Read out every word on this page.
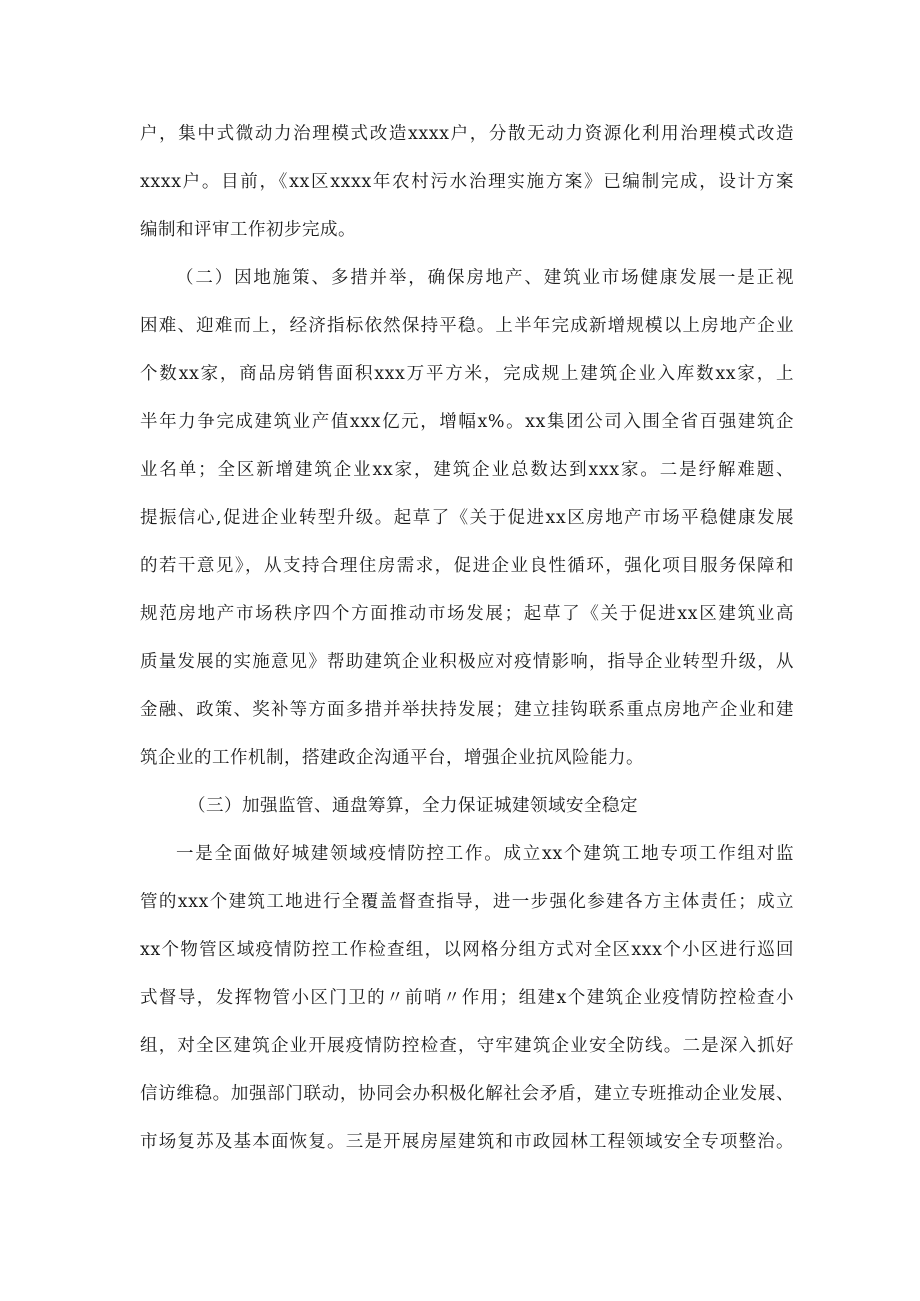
户，集中式微动力治理模式改造xxxx户，分散无动力资源化利用治理模式改造

xxxx户。目前，《xx区xxxx年农村污水治理实施方案》已编制完成，设计方案

编制和评审工作初步完成。

（二）因地施策、多措并举，确保房地产、建筑业市场健康发展一是正视

困难、迎难而上，经济指标依然保持平稳。上半年完成新增规模以上房地产企业

个数xx家，商品房销售面积xxx万平方米，完成规上建筑企业入库数xx家，上

半年力争完成建筑业产值xxx亿元，增幅x%。xx集团公司入围全省百强建筑企

业名单；全区新增建筑企业xx家，建筑企业总数达到xxx家。二是纾解难题、

提振信心,促进企业转型升级。起草了《关于促进xx区房地产市场平稳健康发展

的若干意见》，从支持合理住房需求，促进企业良性循环，强化项目服务保障和

规范房地产市场秩序四个方面推动市场发展；起草了《关于促进xx区建筑业高

质量发展的实施意见》帮助建筑企业积极应对疫情影响，指导企业转型升级，从

金融、政策、奖补等方面多措并举扶持发展；建立挂钩联系重点房地产企业和建

筑企业的工作机制，搭建政企沟通平台，增强企业抗风险能力。

（三）加强监管、通盘筹算，全力保证城建领域安全稳定

一是全面做好城建领域疫情防控工作。成立xx个建筑工地专项工作组对监

管的xxx个建筑工地进行全覆盖督查指导，进一步强化参建各方主体责任；成立

xx个物管区域疫情防控工作检查组，以网格分组方式对全区xxx个小区进行巡回

式督导，发挥物管小区门卫的〃前哨〃作用；组建x个建筑企业疫情防控检查小

组，对全区建筑企业开展疫情防控检查，守牢建筑企业安全防线。二是深入抓好

信访维稳。加强部门联动，协同会办积极化解社会矛盾，建立专班推动企业发展、

市场复苏及基本面恢复。三是开展房屋建筑和市政园林工程领域安全专项整治。
